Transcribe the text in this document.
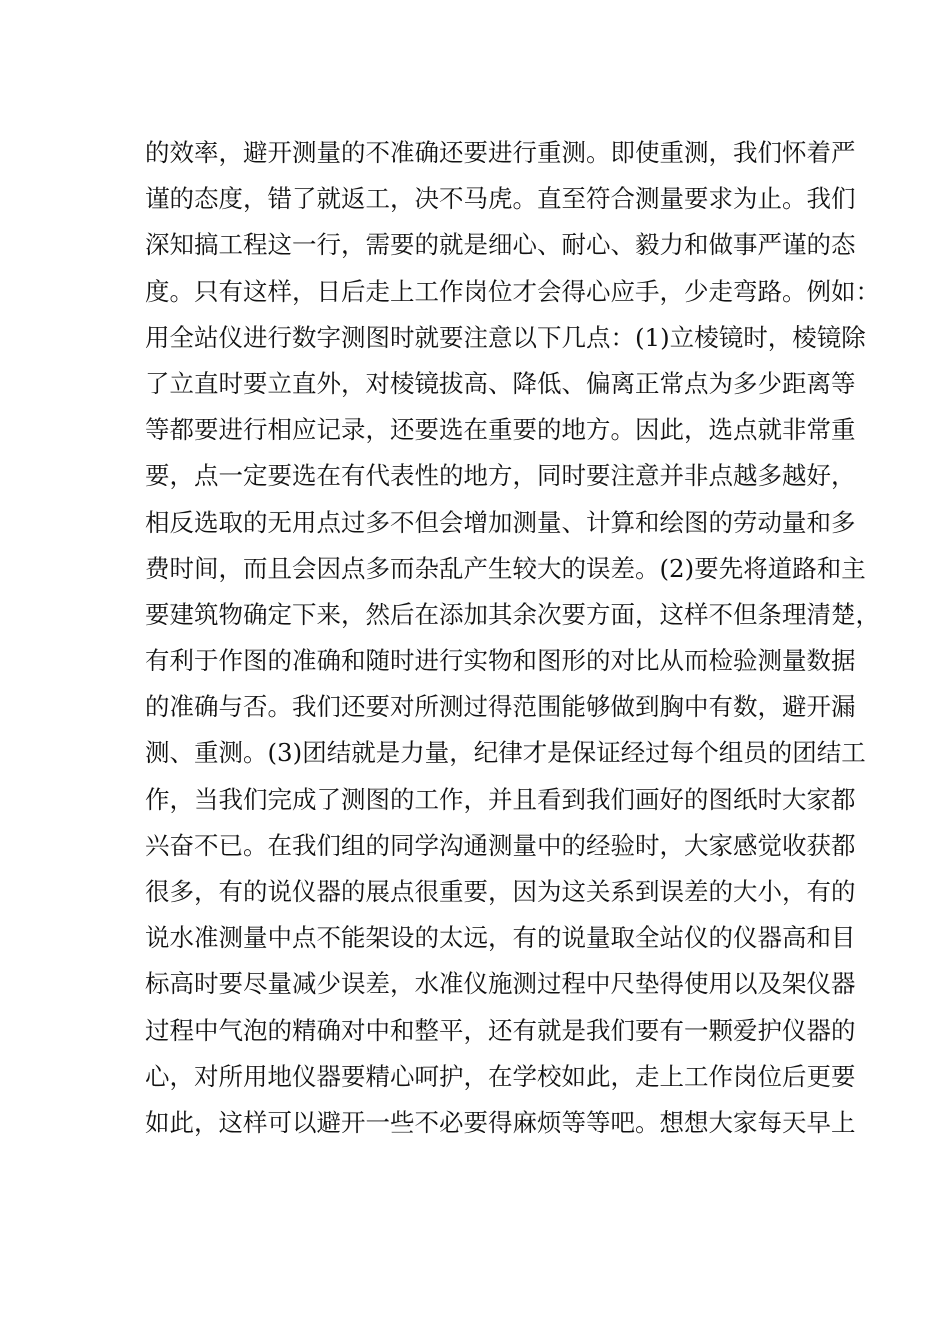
的效率，避开测量的不准确还要进行重测。即使重测，我们怀着严
谨的态度，错了就返工，决不马虎。直至符合测量要求为止。我们
深知搞工程这一行，需要的就是细心、耐心、毅力和做事严谨的态
度。只有这样，日后走上工作岗位才会得心应手，少走弯路。例如：
用全站仪进行数字测图时就要注意以下几点：(1)立棱镜时，棱镜除
了立直时要立直外，对棱镜拔高、降低、偏离正常点为多少距离等
等都要进行相应记录，还要选在重要的地方。因此，选点就非常重
要，点一定要选在有代表性的地方，同时要注意并非点越多越好，
相反选取的无用点过多不但会增加测量、计算和绘图的劳动量和多
费时间，而且会因点多而杂乱产生较大的误差。(2)要先将道路和主
要建筑物确定下来，然后在添加其余次要方面，这样不但条理清楚，
有利于作图的准确和随时进行实物和图形的对比从而检验测量数据
的准确与否。我们还要对所测过得范围能够做到胸中有数，避开漏
测、重测。(3)团结就是力量，纪律才是保证经过每个组员的团结工
作，当我们完成了测图的工作，并且看到我们画好的图纸时大家都
兴奋不已。在我们组的同学沟通测量中的经验时，大家感觉收获都
很多，有的说仪器的展点很重要，因为这关系到误差的大小，有的
说水准测量中点不能架设的太远，有的说量取全站仪的仪器高和目
标高时要尽量减少误差，水准仪施测过程中尺垫得使用以及架仪器
过程中气泡的精确对中和整平，还有就是我们要有一颗爱护仪器的
心，对所用地仪器要精心呵护，在学校如此，走上工作岗位后更要
如此，这样可以避开一些不必要得麻烦等等吧。想想大家每天早上
